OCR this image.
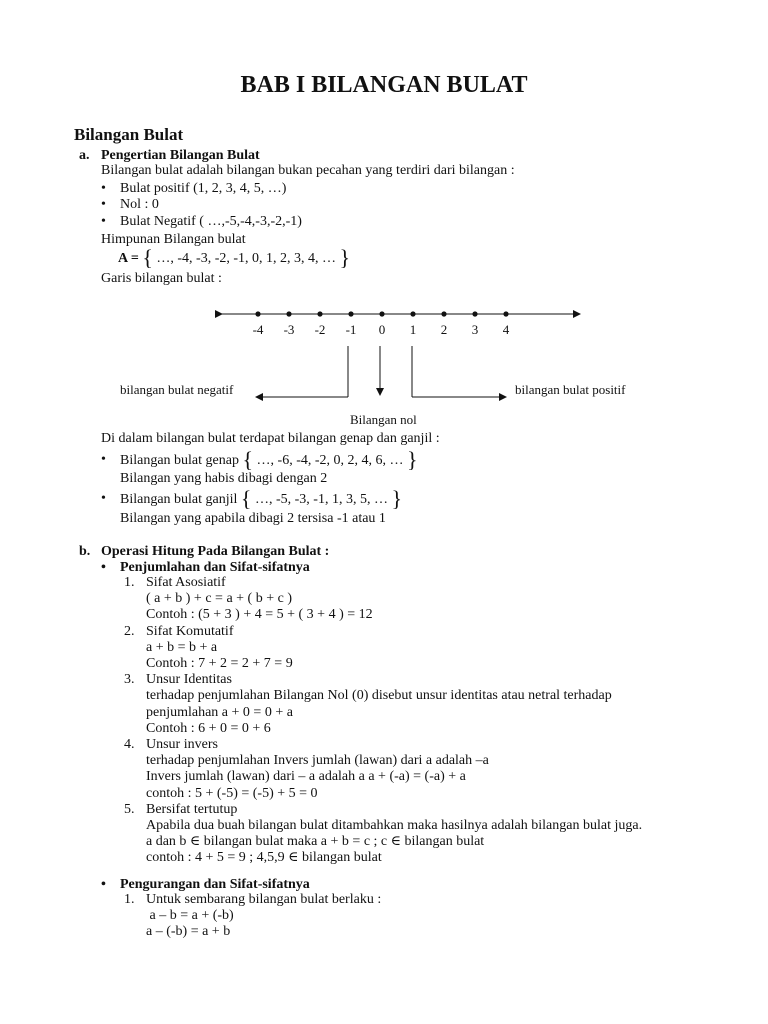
BAB I BILANGAN BULAT
Bilangan Bulat
a. Pengertian Bilangan Bulat
Bilangan bulat adalah bilangan bukan pecahan yang terdiri dari bilangan :
• Bulat positif (1, 2, 3, 4, 5, …)
• Nol : 0
• Bulat Negatif ( …,-5,-4,-3,-2,-1)
Himpunan Bilangan bulat
A = { …, -4, -3, -2, -1, 0, 1, 2, 3, 4, … }
Garis bilangan bulat :
-4 -3 -2 -1 0 1 2 3 4
bilangan bulat negatif	bilangan bulat positif
Bilangan nol
Di dalam bilangan bulat terdapat bilangan genap dan ganjil :
• Bilangan bulat genap { …, -6, -4, -2, 0, 2, 4, 6, … }
Bilangan yang habis dibagi dengan 2
• Bilangan bulat ganjil { …, -5, -3, -1, 1, 3, 5, … }
Bilangan yang apabila dibagi 2 tersisa -1 atau 1
b. Operasi Hitung Pada Bilangan Bulat :
• Penjumlahan dan Sifat-sifatnya
1. Sifat Asosiatif
( a + b ) + c = a + ( b + c )
Contoh : (5 + 3 ) + 4 = 5 + ( 3 + 4 ) = 12
2. Sifat Komutatif
a + b = b + a
Contoh : 7 + 2 = 2 + 7 = 9
3. Unsur Identitas
terhadap penjumlahan Bilangan Nol (0) disebut unsur identitas atau netral terhadap
penjumlahan a + 0 = 0 + a
Contoh : 6 + 0 = 0 + 6
4. Unsur invers
terhadap penjumlahan Invers jumlah (lawan) dari a adalah –a
Invers jumlah (lawan) dari – a adalah a a + (-a) = (-a) + a
contoh : 5 + (-5) = (-5) + 5 = 0
5. Bersifat tertutup
Apabila dua buah bilangan bulat ditambahkan maka hasilnya adalah bilangan bulat juga.
a dan b ∈ bilangan bulat maka a + b = c ; c ∈ bilangan bulat
contoh : 4 + 5 = 9 ; 4,5,9 ∈ bilangan bulat
• Pengurangan dan Sifat-sifatnya
1. Untuk sembarang bilangan bulat berlaku :
a – b = a + (-b)
a – (-b) = a + b
